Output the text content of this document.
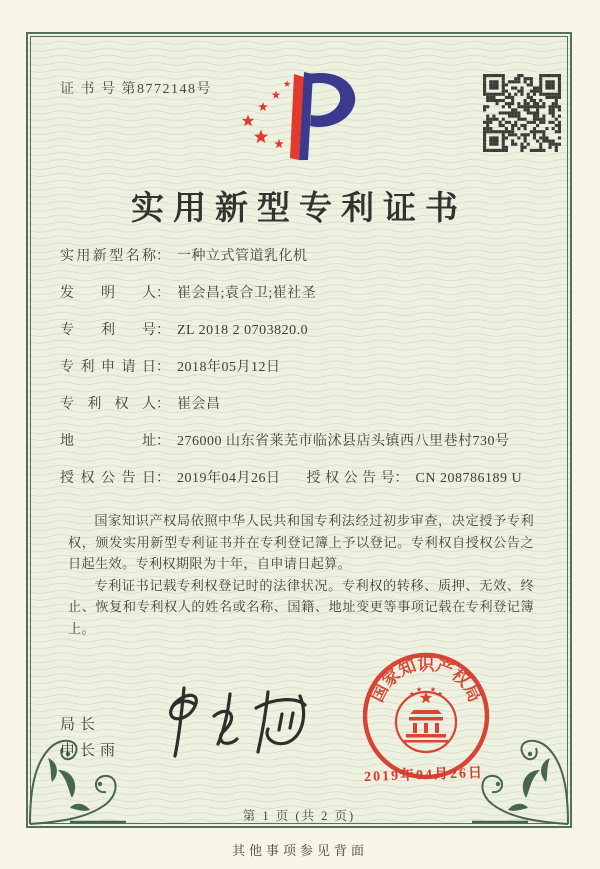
证 书 号 第8772148号
实用新型专利证书
实用新型名称 ： 一种立式管道乳化机
发明人 ： 崔会昌;袁合卫;崔社圣
专利号 ： ZL 2018 2 0703820.0
专利申请日 ： 2018年05月12日
专利权人 ： 崔会昌
地址 ： 276000 山东省莱芜市临沭县店头镇西八里巷村730号
授权公告日 ： 2019年04月26日 授权公告号 ： CN 208786189 U

国家知识产权局依照中华人民共和国专利法经过初步审查，决定授予专利权，颁发实用新型专利证书并在专利登记簿上予以登记。专利权自授权公告之日起生效。专利权期限为十年，自申请日起算。

专利证书记载专利权登记时的法律状况。专利权的转移、质押、无效、终止、恢复和专利权人的姓名或名称、国籍、地址变更等事项记载在专利登记簿上。

局长
申长雨
国家知识产权局
2019年04月26日
第 1 页 (共 2 页)
其他事项参见背面
